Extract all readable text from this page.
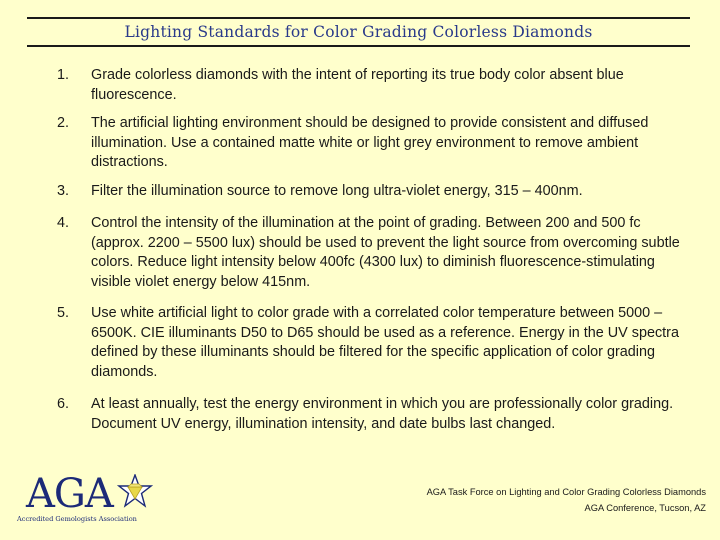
Lighting Standards for Color Grading Colorless Diamonds
1. Grade colorless diamonds with the intent of reporting its true body color absent blue fluorescence.
2. The artificial lighting environment should be designed to provide consistent and diffused illumination. Use a contained matte white or light grey environment to remove ambient distractions.
3. Filter the illumination source to remove long ultra-violet energy, 315 – 400nm.
4. Control the intensity of the illumination at the point of grading. Between 200 and 500 fc (approx. 2200 – 5500 lux) should be used to prevent the light source from overcoming subtle colors. Reduce light intensity below 400fc (4300 lux) to diminish fluorescence-stimulating visible violet energy below 415nm.
5. Use white artificial light to color grade with a correlated color temperature between 5000 – 6500K. CIE illuminants D50 to D65 should be used as a reference. Energy in the UV spectra defined by these illuminants should be filtered for the specific application of color grading diamonds.
6. At least annually, test the energy environment in which you are professionally color grading. Document UV energy, illumination intensity, and date bulbs last changed.
AGA
Accredited Gemologists Association
AGA Task Force on Lighting and Color Grading Colorless Diamonds
AGA Conference, Tucson, AZ
